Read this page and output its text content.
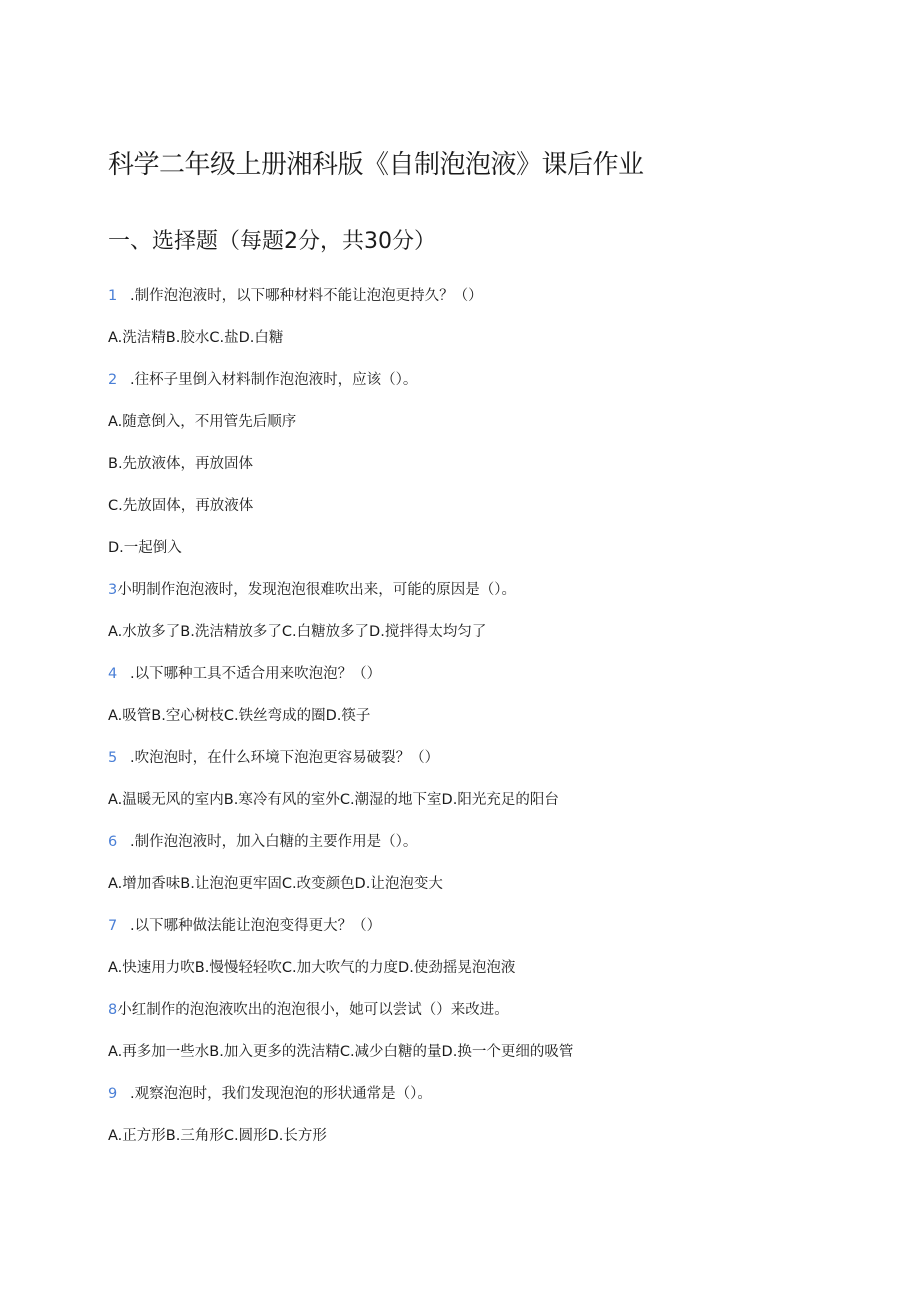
科学二年级上册湘科版《自制泡泡液》课后作业
一、选择题（每题2分，共30分）
1 .制作泡泡液时，以下哪种材料不能让泡泡更持久？（）
A.洗洁精B.胶水C.盐D.白糖
2 .往杯子里倒入材料制作泡泡液时，应该（）。
A.随意倒入，不用管先后顺序
B.先放液体，再放固体
C.先放固体，再放液体
D.一起倒入
3小明制作泡泡液时，发现泡泡很难吹出来，可能的原因是（）。
A.水放多了B.洗洁精放多了C.白糖放多了D.搅拌得太均匀了
4 .以下哪种工具不适合用来吹泡泡？（）
A.吸管B.空心树枝C.铁丝弯成的圈D.筷子
5 .吹泡泡时，在什么环境下泡泡更容易破裂？（）
A.温暖无风的室内B.寒冷有风的室外C.潮湿的地下室D.阳光充足的阳台
6 .制作泡泡液时，加入白糖的主要作用是（）。
A.增加香味B.让泡泡更牢固C.改变颜色D.让泡泡变大
7 .以下哪种做法能让泡泡变得更大？（）
A.快速用力吹B.慢慢轻轻吹C.加大吹气的力度D.使劲摇晃泡泡液
8小红制作的泡泡液吹出的泡泡很小，她可以尝试（）来改进。
A.再多加一些水B.加入更多的洗洁精C.减少白糖的量D.换一个更细的吸管
9 .观察泡泡时，我们发现泡泡的形状通常是（）。
A.正方形B.三角形C.圆形D.长方形
